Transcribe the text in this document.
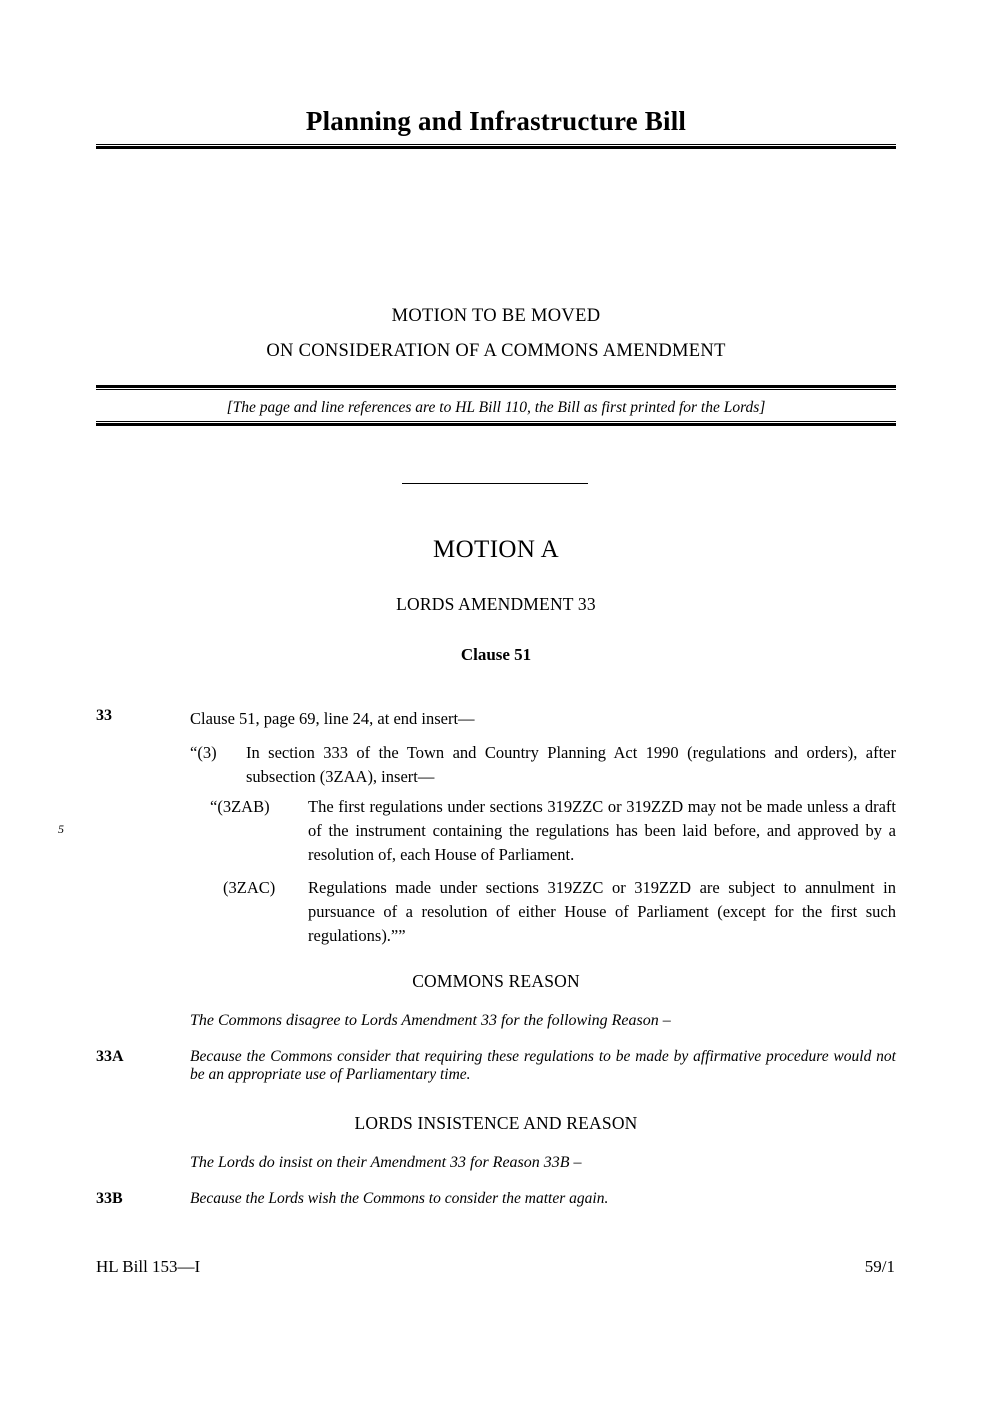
Planning and Infrastructure Bill
MOTION TO BE MOVED
ON CONSIDERATION OF A COMMONS AMENDMENT
[The page and line references are to HL Bill 110, the Bill as first printed for the Lords]
MOTION A
LORDS AMENDMENT 33
Clause 51
33
5
Clause 51, page 69, line 24, at end insert—
“(3)	In section 333 of the Town and Country Planning Act 1990 (regulations and orders), after subsection (3ZAA), insert—
“(3ZAB)	The first regulations under sections 319ZZC or 319ZZD may not be made unless a draft of the instrument containing the regulations has been laid before, and approved by a resolution of, each House of Parliament.
(3ZAC)	Regulations made under sections 319ZZC or 319ZZD are subject to annulment in pursuance of a resolution of either House of Parliament (except for the first such regulations).””
COMMONS REASON
The Commons disagree to Lords Amendment 33 for the following Reason –
33A	Because the Commons consider that requiring these regulations to be made by affirmative procedure would not be an appropriate use of Parliamentary time.
LORDS INSISTENCE AND REASON
The Lords do insist on their Amendment 33 for Reason 33B –
33B	Because the Lords wish the Commons to consider the matter again.
HL Bill 153—I	59/1
